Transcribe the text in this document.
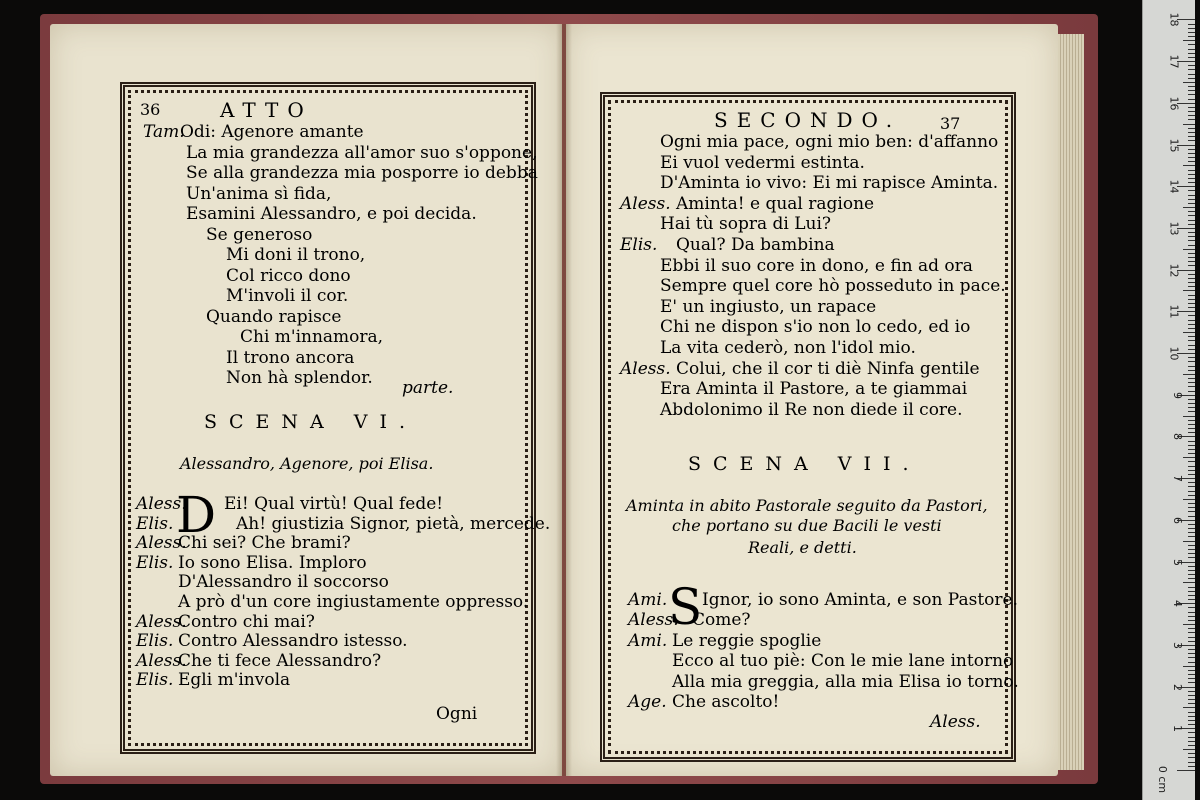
36	ATTO
parte.
SCENA VI.
Alessandro, Agenore, poi Elisa.
D
Ogni
Tam.
Odi: Agenore amante
La mia grandezza all'amor suo s'oppone,
Se alla grandezza mia posporre io debba
Un'anima sì fida,
Esamini Alessandro, e poi decida.
Se generoso
Mi doni il trono,
Col ricco dono
M'involi il cor.
Quando rapisce
Chi m'innamora,
Il trono ancora
Non hà splendor.
Aless. Ei! Qual virtù! Qual fede!
Elis.	Ah! giustizia Signor, pietà, mercede.
Aless.
Chi sei? Che brami?
Elis. Io sono Elisa. Imploro
D'Alessandro il soccorso
A prò d'un core ingiustamente oppresso.
Aless.
Contro chi mai?
Elis. Contro Alessandro istesso.
Aless.
Che ti fece Alessandro?
Elis. Egli m'invola
SECONDO. 37
SCENA VII.
Aminta in abito Pastorale seguito da Pastori,
che portano su due Bacili le vesti
Reali, e detti.
S
Aless.
Ogni mia pace, ogni mio ben: d'affanno
Ei vuol vedermi estinta.
D'Aminta io vivo: Ei mi rapisce Aminta.
Aless. Aminta! e qual ragione
Hai tù sopra di Lui?
Elis. Qual? Da bambina
Ebbi il suo core in dono, e fin ad ora
Sempre quel core hò posseduto in pace.
E' un ingiusto, un rapace
Chi ne dispon s'io non lo cedo, ed io
La vita cederò, non l'idol mio.
Aless. Colui, che il cor ti diè Ninfa gentile
Era Aminta il Pastore, a te giammai
Abdolonimo il Re non diede il core.
Ami. Ignor, io sono Aminta, e son Pastore.
Aless. Come?
Ami. Le reggie spoglie
Ecco al tuo piè: Con le mie lane intorno
Alla mia greggia, alla mia Elisa io torno.
Age. Che ascolto!
0 cm
1
2
3
4
5
6
7
8
9
10
11
12
13
14
15
16
17
18
